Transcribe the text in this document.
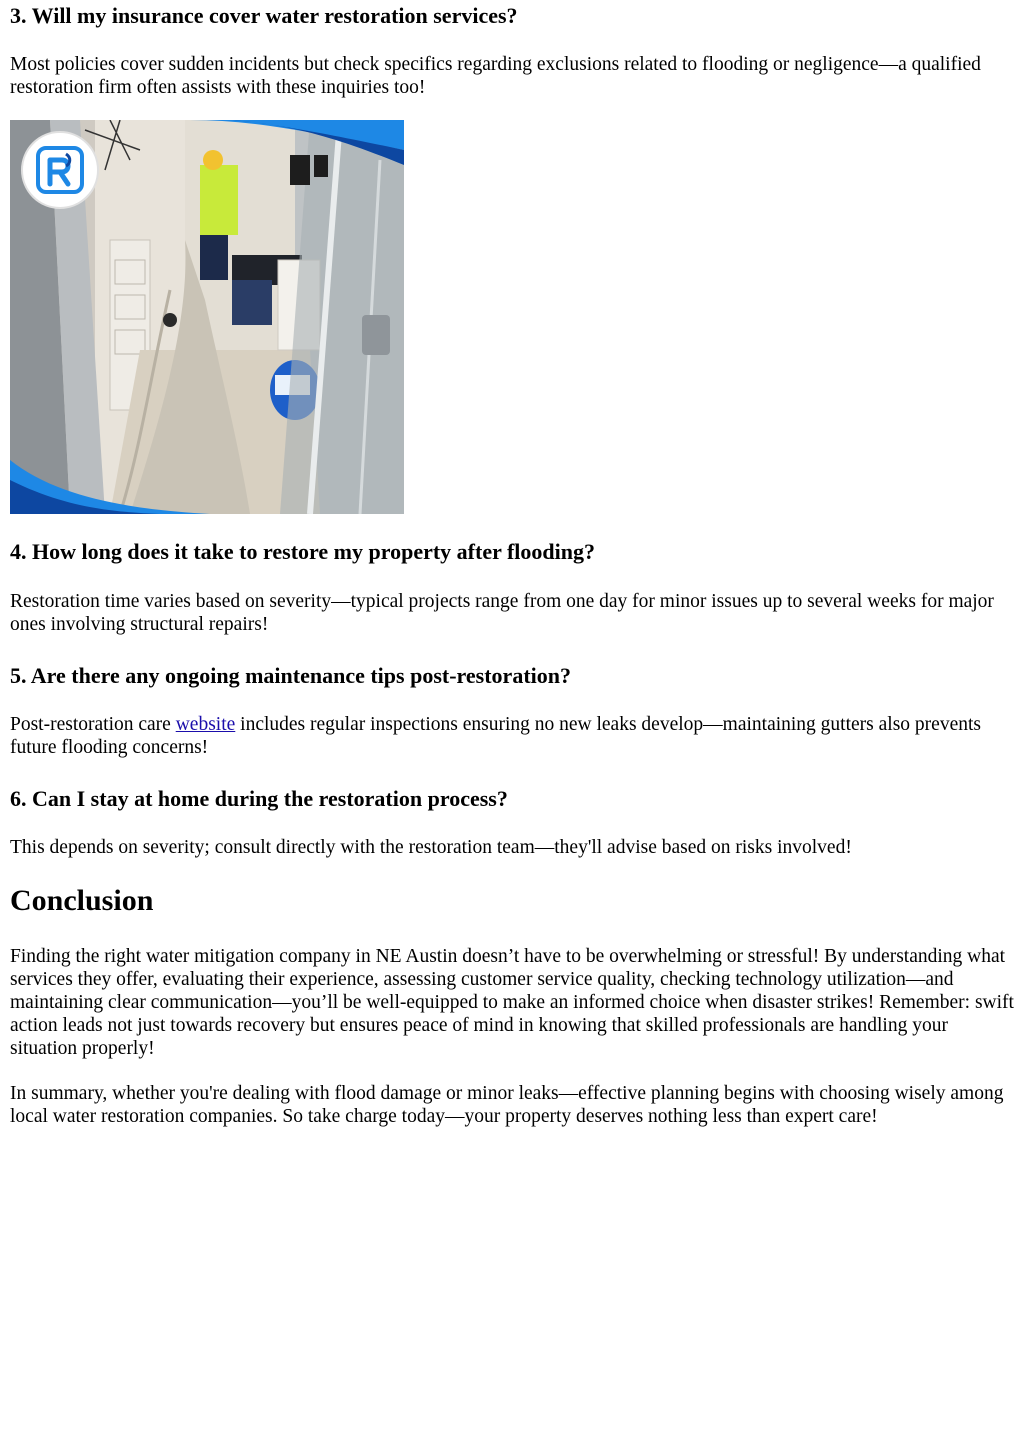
3. Will my insurance cover water restoration services?

Most policies cover sudden incidents but check specifics regarding exclusions related to flooding or negligence—a qualified restoration firm often assists with these inquiries too!

4. How long does it take to restore my property after flooding?

Restoration time varies based on severity—typical projects range from one day for minor issues up to several weeks for major ones involving structural repairs!

5. Are there any ongoing maintenance tips post-restoration?

Post-restoration care website includes regular inspections ensuring no new leaks develop—maintaining gutters also prevents future flooding concerns!

6. Can I stay at home during the restoration process?

This depends on severity; consult directly with the restoration team—they'll advise based on risks involved!

Conclusion

Finding the right water mitigation company in NE Austin doesn’t have to be overwhelming or stressful! By understanding what services they offer, evaluating their experience, assessing customer service quality, checking technology utilization—and maintaining clear communication—you’ll be well-equipped to make an informed choice when disaster strikes! Remember: swift action leads not just towards recovery but ensures peace of mind in knowing that skilled professionals are handling your situation properly!

In summary, whether you're dealing with flood damage or minor leaks—effective planning begins with choosing wisely among local water restoration companies. So take charge today—your property deserves nothing less than expert care!
